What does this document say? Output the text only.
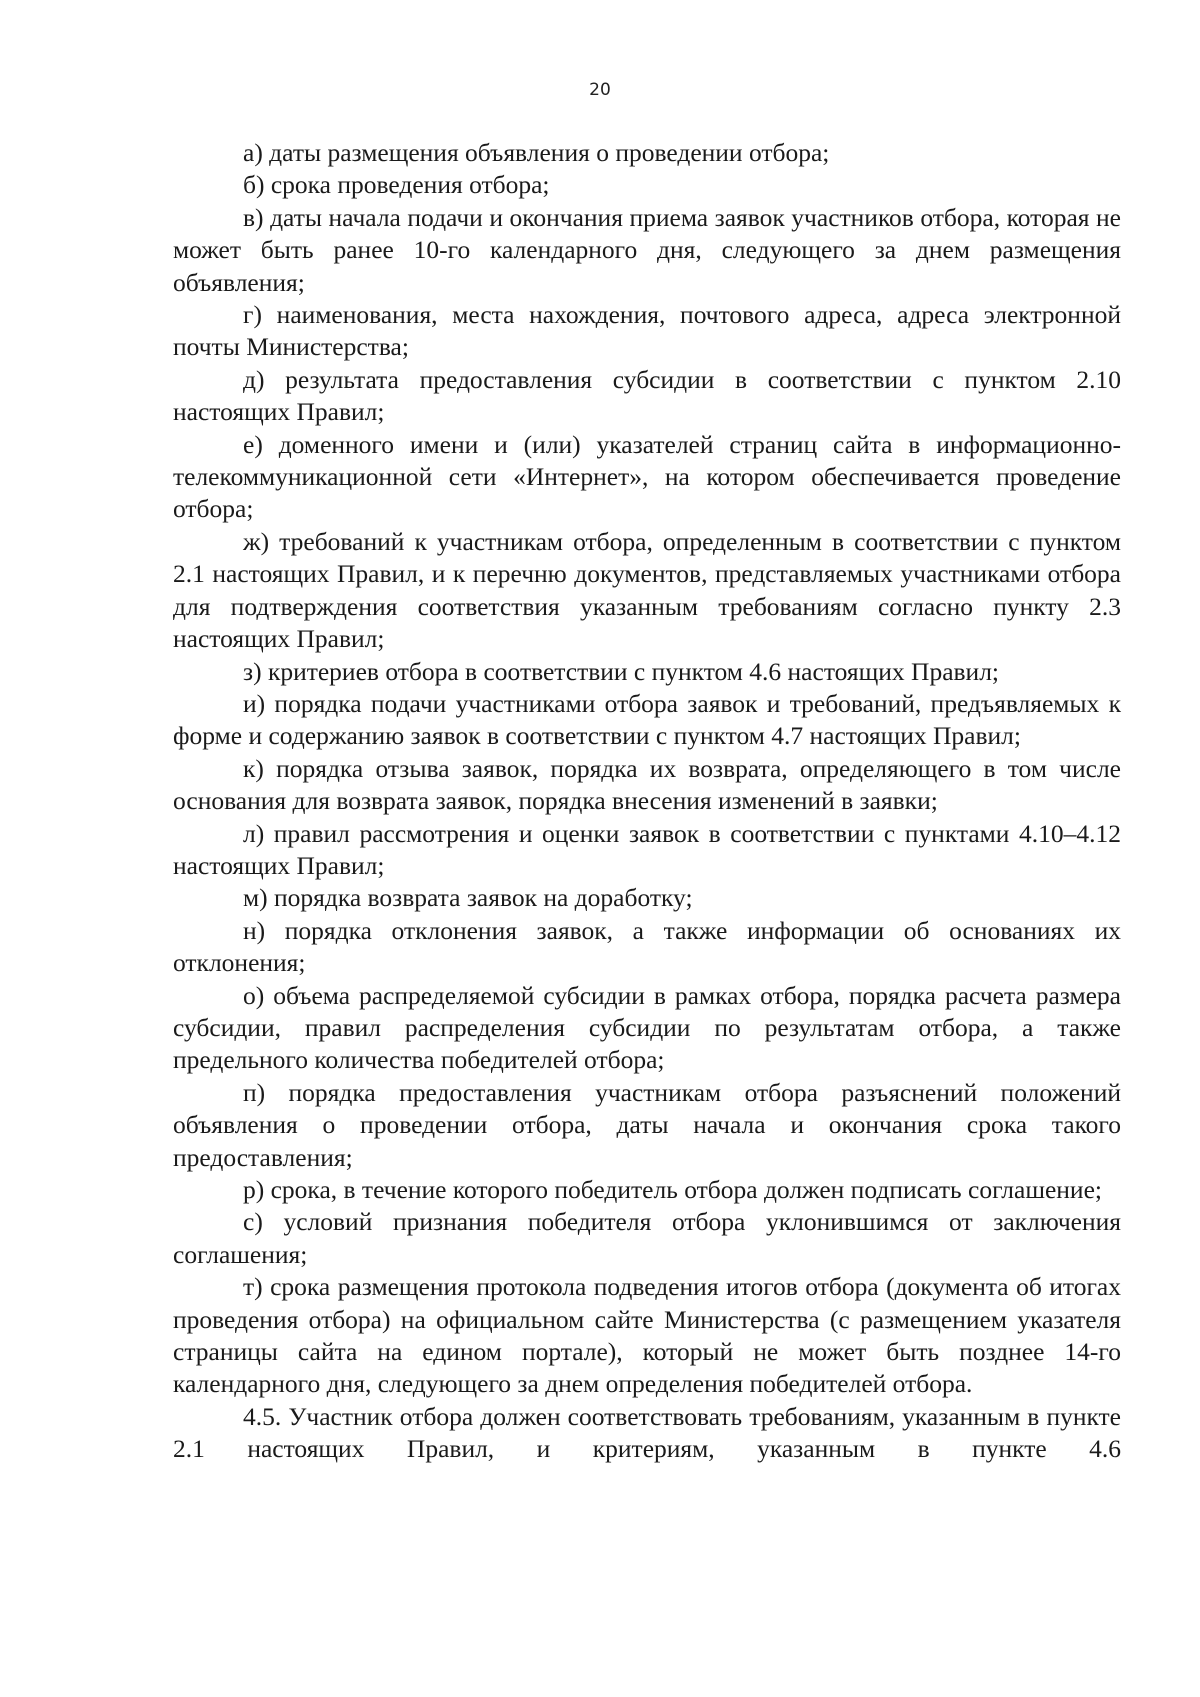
20

а) даты размещения объявления о проведении отбора;

б) срока проведения отбора;

в) даты начала подачи и окончания приема заявок участников отбора, которая не может быть ранее 10-го календарного дня, следующего за днем размещения объявления;

г) наименования, места нахождения, почтового адреса, адреса электронной почты Министерства;

д) результата предоставления субсидии в соответствии с пунктом 2.10 настоящих Правил;

е) доменного имени и (или) указателей страниц сайта в информационно-телекоммуникационной сети «Интернет», на котором обеспечивается проведение отбора;

ж) требований к участникам отбора, определенным в соответствии с пунктом 2.1 настоящих Правил, и к перечню документов, представляемых участниками отбора для подтверждения соответствия указанным требованиям согласно пункту 2.3 настоящих Правил;

з) критериев отбора в соответствии с пунктом 4.6 настоящих Правил;

и) порядка подачи участниками отбора заявок и требований, предъявляемых к форме и содержанию заявок в соответствии с пунктом 4.7 настоящих Правил;

к) порядка отзыва заявок, порядка их возврата, определяющего в том числе основания для возврата заявок, порядка внесения изменений в заявки;

л) правил рассмотрения и оценки заявок в соответствии с пунктами 4.10–4.12 настоящих Правил;

м) порядка возврата заявок на доработку;

н) порядка отклонения заявок, а также информации об основаниях их отклонения;

о) объема распределяемой субсидии в рамках отбора, порядка расчета размера субсидии, правил распределения субсидии по результатам отбора, а также предельного количества победителей отбора;

п) порядка предоставления участникам отбора разъяснений положений объявления о проведении отбора, даты начала и окончания срока такого предоставления;

р) срока, в течение которого победитель отбора должен подписать соглашение;

с) условий признания победителя отбора уклонившимся от заключения соглашения;

т) срока размещения протокола подведения итогов отбора (документа об итогах проведения отбора) на официальном сайте Министерства (с размещением указателя страницы сайта на едином портале), который не может быть позднее 14-го календарного дня, следующего за днем определения победителей отбора.

4.5. Участник отбора должен соответствовать требованиям, указанным в пункте 2.1 настоящих Правил, и критериям, указанным в пункте 4.6
